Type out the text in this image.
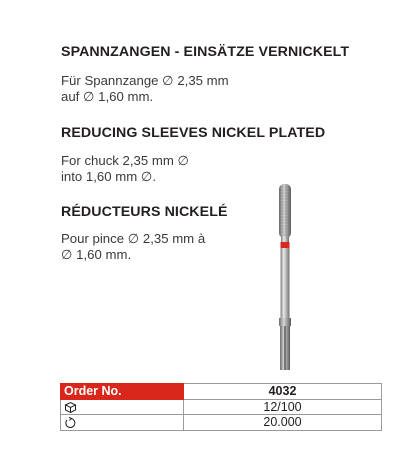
SPANNZANGEN - EINSÄTZE VERNICKELT
Für Spannzange ∅ 2,35 mm
auf ∅ 1,60 mm.
REDUCING SLEEVES NICKEL PLATED
For chuck 2,35 mm ∅
into 1,60 mm ∅.
RÉDUCTEURS NICKELÉ
Pour pince ∅ 2,35 mm à
∅ 1,60 mm.
Order No.	4032
	12/100
	20.000
